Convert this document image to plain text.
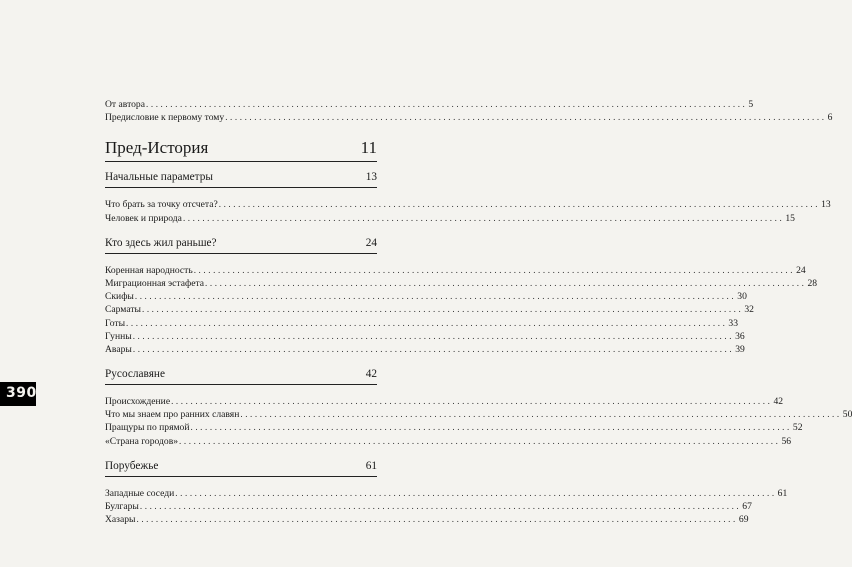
390
От автора ............................................................................................................................ 5
Предисловие к первому тому ............................................................................................................................ 6
Пред-История	11
Начальные параметры	13
Что брать за точку отсчета? ............................................................................................................................ 13
Человек и природа ............................................................................................................................ 15
Кто здесь жил раньше?	24
Коренная народность ............................................................................................................................ 24
Миграционная эстафета ............................................................................................................................ 28
Скифы ............................................................................................................................ 30
Сарматы ............................................................................................................................ 32
Готы ............................................................................................................................ 33
Гунны ............................................................................................................................ 36
Авары ............................................................................................................................ 39
Русославяне	42
Происхождение ............................................................................................................................ 42
Что мы знаем про ранних славян ............................................................................................................................ 50
Пращуры по прямой ............................................................................................................................ 52
«Страна городов» ............................................................................................................................ 56
Порубежье	61
Западные соседи ............................................................................................................................ 61
Булгары ............................................................................................................................ 67
Хазары ............................................................................................................................ 69
